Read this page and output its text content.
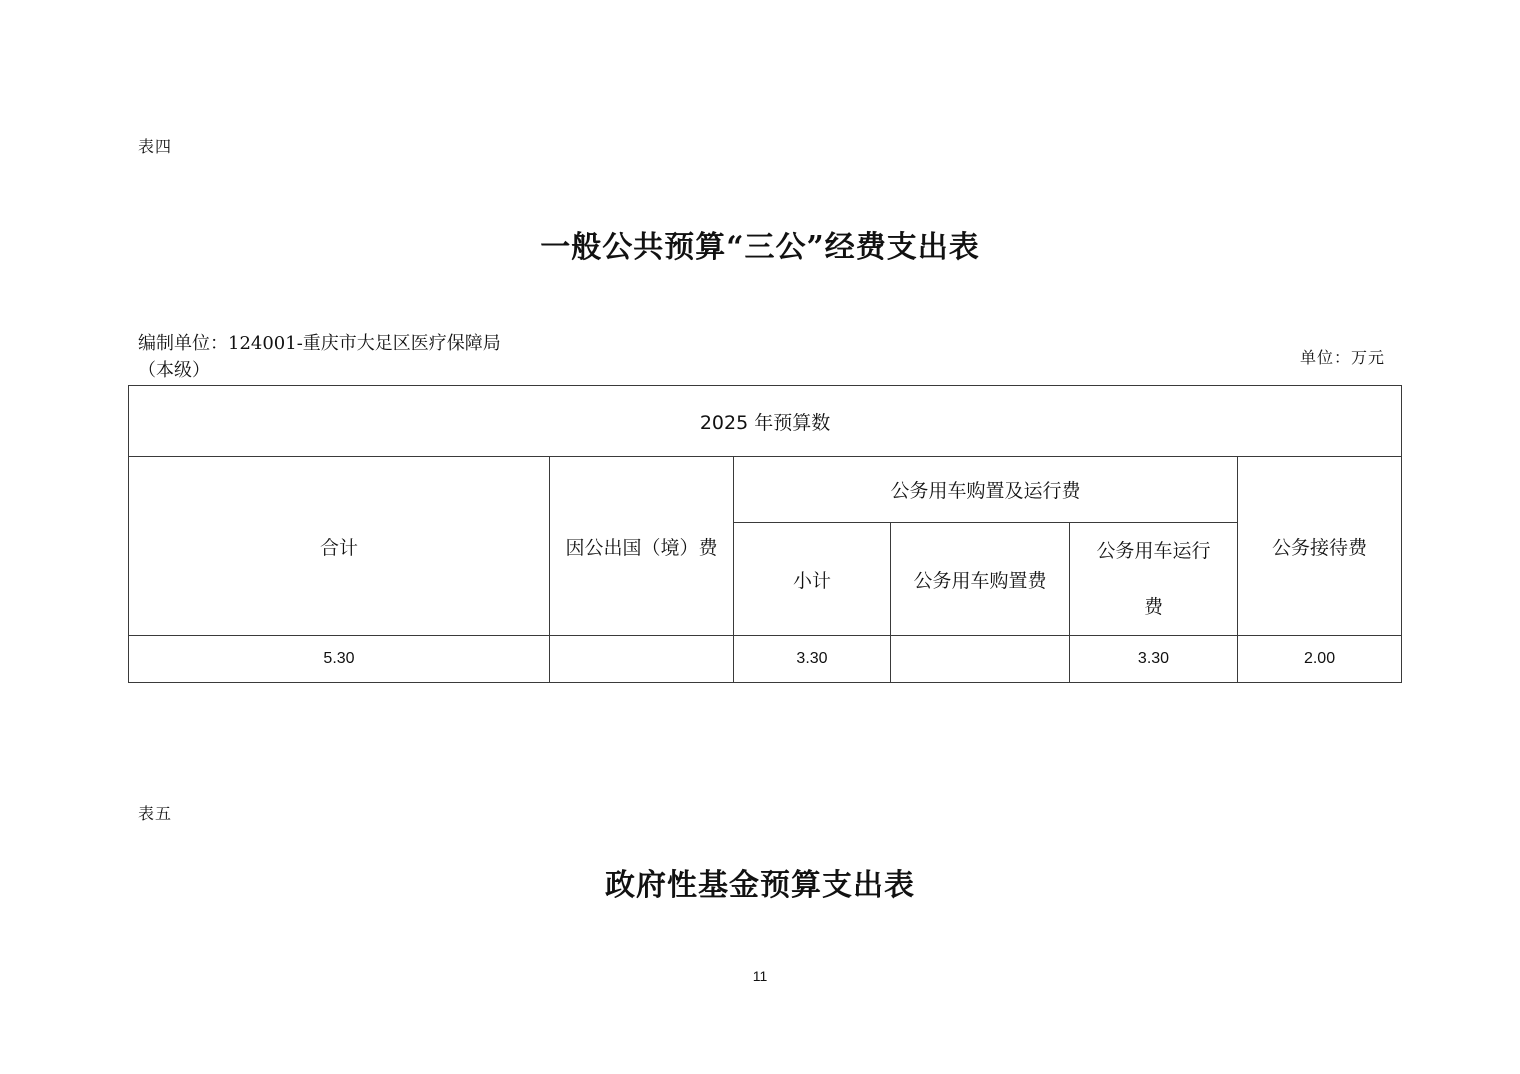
表四
一般公共预算“三公”经费支出表
编制单位：124001-重庆市大足区医疗保障局
（本级）
单位：万元
2025 年预算数					
合计	因公出国（境）费	公务用车购置及运行费			公务接待费
		小计	公务用车购置费	公务用车运行费	
5.30		3.30		3.30	2.00
表五
政府性基金预算支出表
11
